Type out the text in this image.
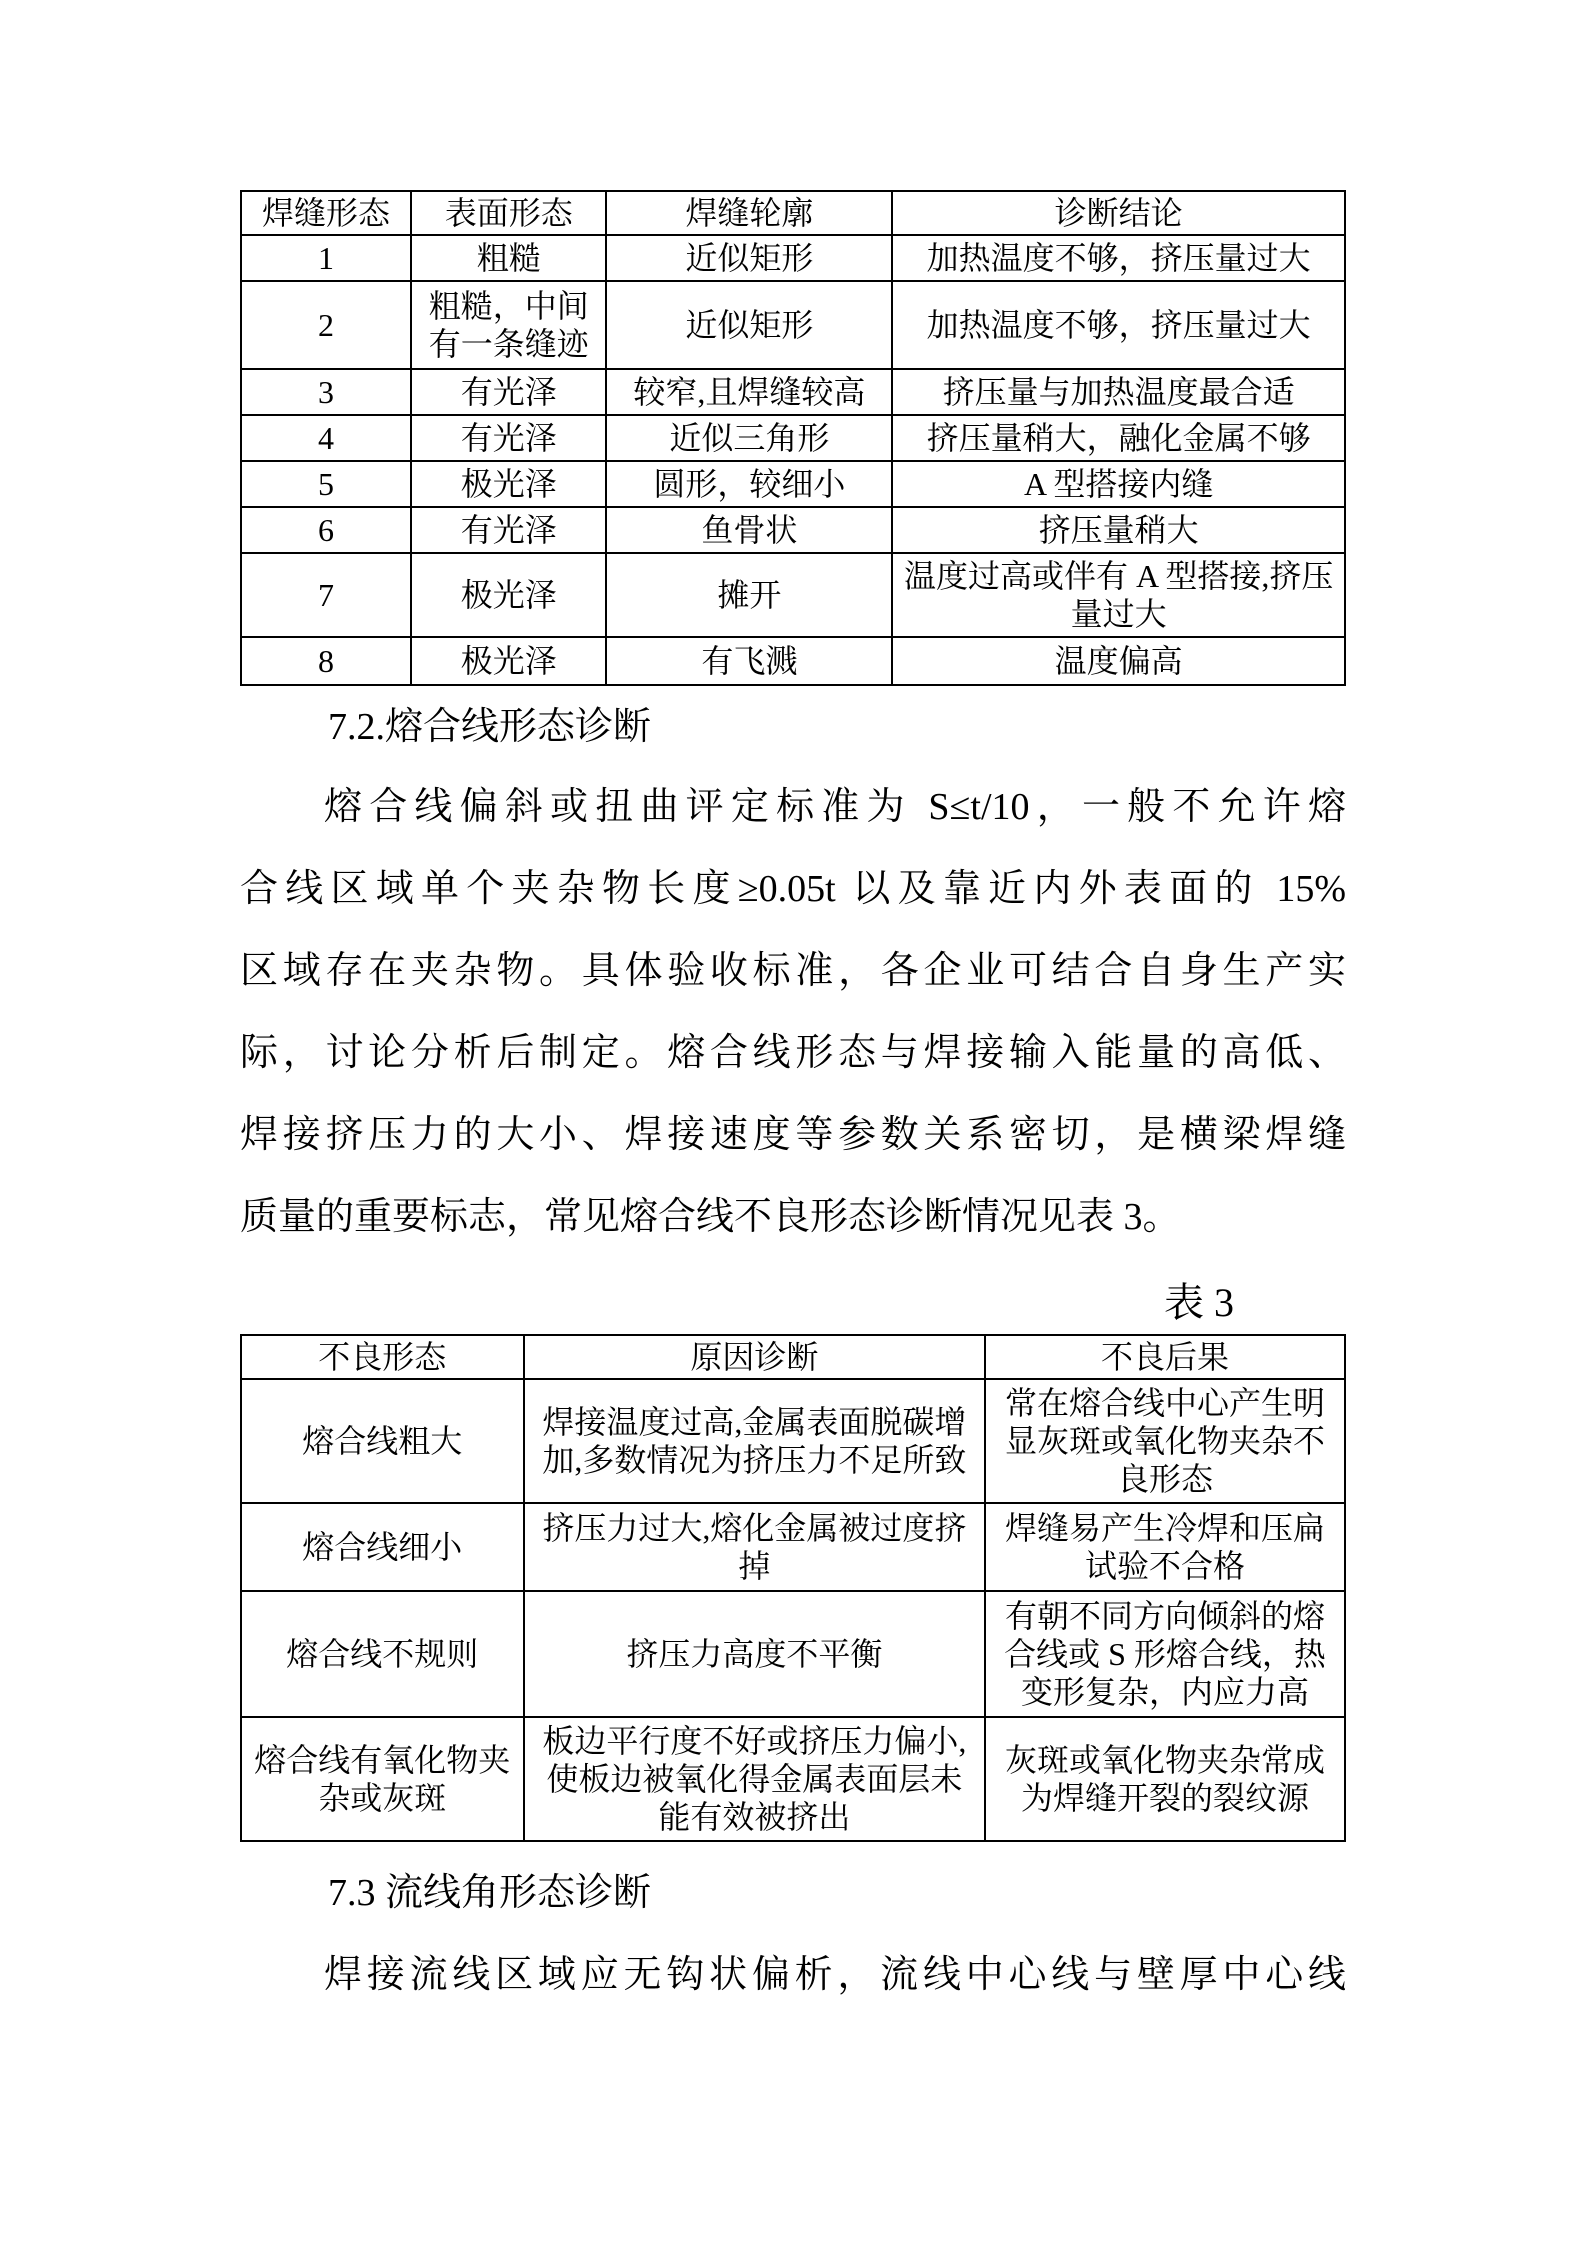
焊缝形态	表面形态	焊缝轮廓	诊断结论
1	粗糙	近似矩形	加热温度不够，挤压量过大
2	粗糙，中间有一条缝迹	近似矩形	加热温度不够，挤压量过大
3	有光泽	较窄,且焊缝较高	挤压量与加热温度最合适
4	有光泽	近似三角形	挤压量稍大，融化金属不够
5	极光泽	圆形，较细小	A 型搭接内缝
6	有光泽	鱼骨状	挤压量稍大
7	极光泽	摊开	温度过高或伴有 A 型搭接,挤压量过大
8	极光泽	有飞溅	温度偏高
7.2.熔合线形态诊断
熔合线偏斜或扭曲评定标准为 S≤t/10，一般不允许熔
合线区域单个夹杂物长度≥0.05t 以及靠近内外表面的 15%
区域存在夹杂物。具体验收标准，各企业可结合自身生产实
际，讨论分析后制定。熔合线形态与焊接输入能量的高低、
焊接挤压力的大小、焊接速度等参数关系密切，是横梁焊缝
质量的重要标志，常见熔合线不良形态诊断情况见表 3。
表 3
不良形态	原因诊断	不良后果
熔合线粗大	焊接温度过高,金属表面脱碳增加,多数情况为挤压力不足所致	常在熔合线中心产生明显灰斑或氧化物夹杂不良形态
熔合线细小	挤压力过大,熔化金属被过度挤掉	焊缝易产生冷焊和压扁试验不合格
熔合线不规则	挤压力高度不平衡	有朝不同方向倾斜的熔合线或 S 形熔合线，热变形复杂，内应力高
熔合线有氧化物夹杂或灰斑	板边平行度不好或挤压力偏小,使板边被氧化得金属表面层未能有效被挤出	灰斑或氧化物夹杂常成为焊缝开裂的裂纹源
7.3 流线角形态诊断
焊接流线区域应无钩状偏析，流线中心线与壁厚中心线
